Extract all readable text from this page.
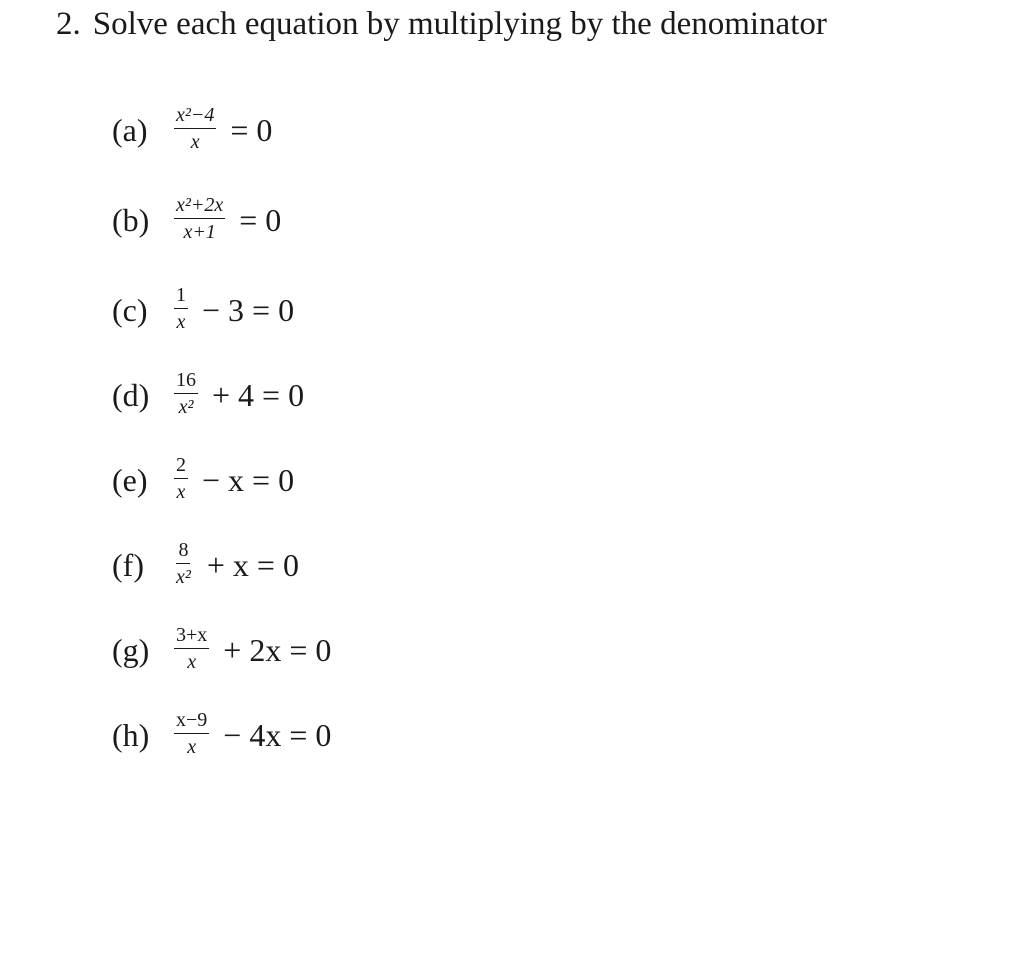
2. Solve each equation by multiplying by the denominator
(a)	$\frac{\text{x²−4}}{x} = 0$
(b)	$\frac{\text{x²+2x}}{x+1} = 0$
(c)	$\frac{1}{x} - 3 = 0$
(d)	$\frac{16}{\text{x²}} + 4 = 0$
(e)	$\frac{2}{x} - x = 0$
(f)	$\frac{8}{\text{x²}} + x = 0$
(g)	$\frac{3+x}{x} + 2x = 0$
(h)	$\frac{x-9}{x} - 4x = 0$
